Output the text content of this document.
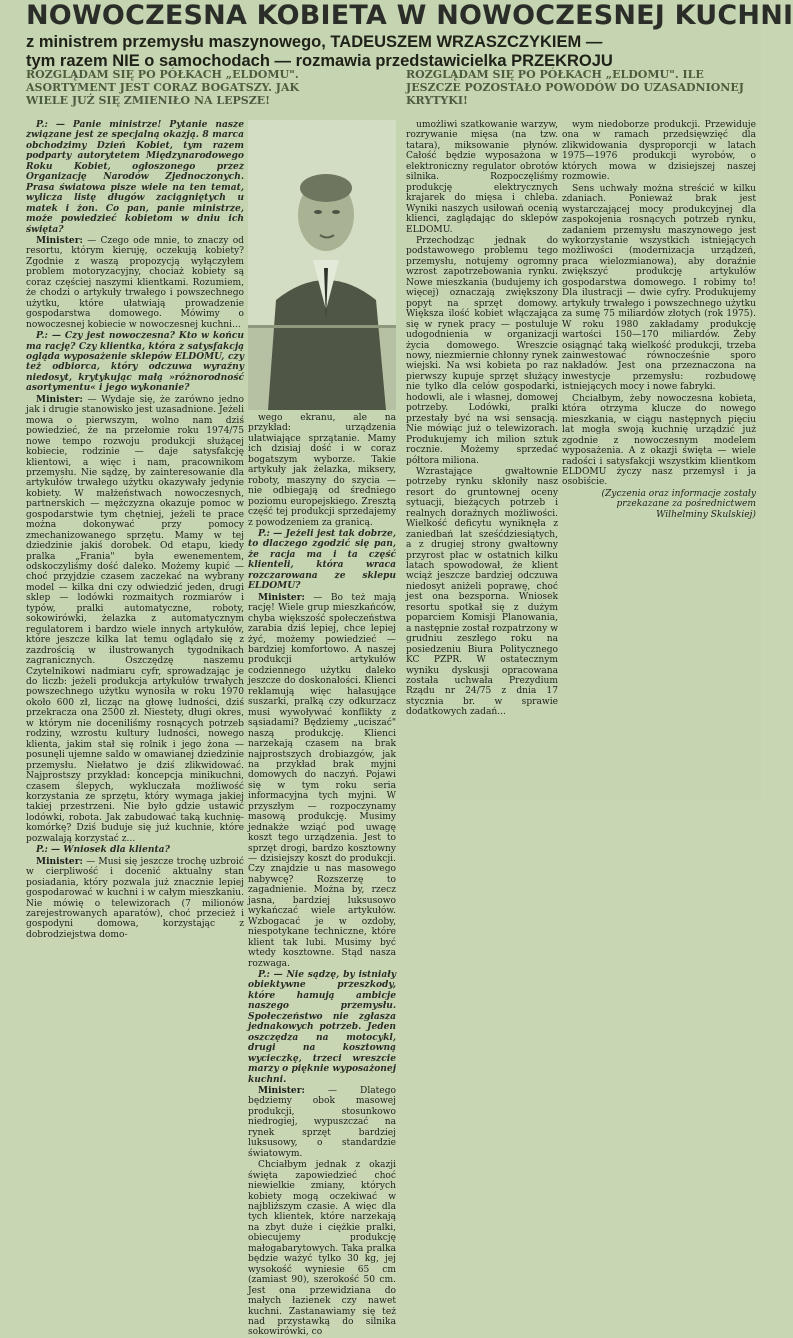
NOWOCZESNA KOBIETA W NOWOCZESNEJ KUCHNI
z ministrem przemysłu maszynowego, TADEUSZEM WRZASZCZYKIEM —
tym razem NIE o samochodach — rozmawia przedstawicielka PRZEKROJU
ROZGLĄDAM SIĘ PO PÓŁKACH „ELDOMU". ASORTYMENT JEST CORAZ BOGATSZY. JAK WIELE JUŻ SIĘ ZMIENIŁO NA LEPSZE!
ROZGLĄDAM SIĘ PO PÓŁKACH „ELDOMU". ILE JESZCZE POZOSTAŁO POWODÓW DO UZASADNIONEJ KRYTYKI!

P.: — Panie ministrze! Pytanie nasze związane jest ze specjalną okazją. 8 marca obchodzimy Dzień Kobiet, tym razem podparty autorytetem Międzynarodowego Roku Kobiet, ogłoszonego przez Organizację Narodów Zjednoczonych. Prasa światowa pisze wiele na ten temat, wylicza listę długów zaciągniętych u matek i żon. Co pan, panie ministrze, może powiedzieć kobietom w dniu ich święta?

Minister: — Czego ode mnie, to znaczy od resortu, którym kieruję, oczekują kobiety? Zgodnie z waszą propozycją wyłączyłem problem motoryzacyjny, chociaż kobiety są coraz częściej naszymi klientkami. Rozumiem, że chodzi o artykuły trwałego i powszechnego użytku, które ułatwiają prowadzenie gospodarstwa domowego. Mówimy o nowoczesnej kobiecie w nowoczesnej kuchni...

P.: — Czy jest nowoczesna? Kto w końcu ma rację? Czy klientka, która z satysfakcją ogląda wyposażenie sklepów ELDOMU, czy też odbiorca, który odczuwa wyraźny niedosyt, krytykując małą »różnorodność asortymentu« i jego wykonanie?

Minister: — Wydaje się, że zarówno jedno jak i drugie stanowisko jest uzasadnione. Jeżeli mowa o pierwszym, wolno nam dziś powiedzieć, że na przełomie roku 1974/75 nowe tempo rozwoju produkcji służącej kobiecie, rodzinie — daje satysfakcję klientowi, a więc i nam, pracownikom przemysłu. Nie sądzę, by zainteresowanie dla artykułów trwałego użytku okazywały jedynie kobiety. W małżeństwach nowoczesnych, partnerskich — mężczyzna okazuje pomoc w gospodarstwie tym chętniej, jeżeli te prace można dokonywać przy pomocy zmechanizowanego sprzętu. Mamy w tej dziedzinie jakiś dorobek. Od etapu, kiedy pralka „Frania" była ewenementem, odskoczyliśmy dość daleko. Możemy kupić — choć przyjdzie czasem zaczekać na wybrany model — kilka dni czy odwiedzić jeden, drugi sklep — lodówki rozmaitych rozmiarów i typów, pralki automatyczne, roboty, sokowirówki, żelazka z automatycznym regulatorem i bardzo wiele innych artykułów, które jeszcze kilka lat temu oglądało się z zazdrością w ilustrowanych tygodnikach zagranicznych. Oszczędzę naszemu Czytelnikowi nadmiaru cyfr, sprowadzając je do liczb: jeżeli produkcja artykułów trwałych powszechnego użytku wynosiła w roku 1970 około 600 zł, licząc na głowę ludności, dziś przekracza ona 2500 zł. Niestety, długi okres, w którym nie doceniliśmy rosnących potrzeb rodziny, wzrostu kultury ludności, nowego klienta, jakim stał się rolnik i jego żona — posunęli ujemne saldo w omawianej dziedzinie przemysłu. Niełatwo je dziś zlikwidować. Najprostszy przykład: koncepcja minikuchni, czasem ślepych, wykluczała możliwość korzystania ze sprzętu, który wymaga jakiej takiej przestrzeni. Nie było gdzie ustawić lodówki, robota. Jak zabudować taką kuchnię-komórkę? Dziś buduje się już kuchnie, które pozwalają korzystać z...

P.: — Wniosek dla klienta?

Minister: — Musi się jeszcze trochę uzbroić w cierpliwość i docenić aktualny stan posiadania, który pozwala już znacznie lepiej gospodarować w kuchni i w całym mieszkaniu. Nie mówię o telewizorach (7 milionów zarejestrowanych aparatów), choć przecież i gospodyni domowa, korzystając z dobrodziejstwa domo-

wego ekranu, ale na przykład: urządzenia ułatwiające sprzątanie. Mamy ich dzisiaj dość i w coraz bogatszym wyborze. Takie artykuły jak żelazka, miksery, roboty, maszyny do szycia — nie odbiegają od średniego poziomu europejskiego. Zresztą część tej produkcji sprzedajemy z powodzeniem za granicą.

P.: — Jeżeli jest tak dobrze, to dlaczego zgodzić się pan, że racja ma i ta część klienteli, która wraca rozczarowana ze sklepu ELDOMU?

Minister: — Bo też mają rację! Wiele grup mieszkańców, chyba większość społeczeństwa zarabia dziś lepiej, chce lepiej żyć, możemy powiedzieć — bardziej komfortowo. A naszej produkcji artykułów codziennego użytku daleko jeszcze do doskonałości. Klienci reklamują więc hałasujące suszarki, pralką czy odkurzacz musi wywoływać konflikty z sąsiadami? Będziemy „uciszać" naszą produkcję. Klienci narzekają czasem na brak najprostszych drobiazgów, jak na przykład brak myjni domowych do naczyń. Pojawi się w tym roku seria informacyjna tych myjni. W przyszłym — rozpoczynamy masową produkcję. Musimy jednakże wziąć pod uwagę koszt tego urządzenia. Jest to sprzęt drogi, bardzo kosztowny — dzisiejszy koszt do produkcji. Czy znajdzie u nas masowego nabywcę? Rozszerzę to zagadnienie. Można by, rzecz jasna, bardziej luksusowo wykańczać wiele artykułów. Wzbogacać je w ozdoby, niespotykane techniczne, które klient tak lubi. Musimy być wtedy kosztowne. Stąd nasza rozwaga.

P.: — Nie sądzę, by istniały obiektywne przeszkody, które hamują ambicje naszego przemysłu. Społeczeństwo nie zgłasza jednakowych potrzeb. Jeden oszczędza na motocykl, drugi na kosztowną wycieczkę, trzeci wreszcie marzy o pięknie wyposażonej kuchni.

Minister: — Dlatego będziemy obok masowej produkcji, stosunkowo niedrogiej, wypuszczać na rynek sprzęt bardziej luksusowy, o standardzie światowym.

Chciałbym jednak z okazji święta zapowiedzieć choć niewielkie zmiany, których kobiety mogą oczekiwać w najbliższym czasie. A więc dla tych klientek, które narzekają na zbyt duże i ciężkie pralki, obiecujemy produkcję małogabarytowych. Taka pralka będzie ważyć tylko 30 kg, jej wysokość wyniesie 65 cm (zamiast 90), szerokość 50 cm. Jest ona przewidziana do małych łazienek czy nawet kuchni. Zastanawiamy się też nad przystawką do silnika sokowirówki, co

umożliwi szatkowanie warzyw, rozrywanie mięsa (na tzw. tatara), miksowanie płynów. Całość będzie wyposażona w elektroniczny regulator obrotów silnika. Rozpoczęliśmy produkcję elektrycznych krajarek do mięsa i chleba. Wyniki naszych usiłowań ocenią klienci, zaglądając do sklepów ELDOMU.

Przechodząc jednak do podstawowego problemu tego przemysłu, notujemy ogromny wzrost zapotrzebowania rynku. Nowe mieszkania (budujemy ich więcej) oznaczają zwiększony popyt na sprzęt domowy. Większa ilość kobiet włączająca się w rynek pracy — postuluje udogodnienia w organizacji życia domowego. Wreszcie nowy, niezmiernie chłonny rynek wiejski. Na wsi kobieta po raz pierwszy kupuje sprzęt służący nie tylko dla celów gospodarki, hodowli, ale i własnej, domowej potrzeby. Lodówki, pralki przestały być na wsi sensacją. Nie mówiąc już o telewizorach. Produkujemy ich milion sztuk rocznie. Możemy sprzedać półtora miliona.

Wzrastające gwałtownie potrzeby rynku skłoniły nasz resort do gruntownej oceny sytuacji, bieżących potrzeb i realnych doraźnych możliwości. Wielkość deficytu wyniknęła z zaniedbań lat sześćdziesiątych, a z drugiej strony gwałtowny przyrost płac w ostatnich kilku latach spowodował, że klient wciąż jeszcze bardziej odczuwa niedosyt aniżeli poprawę, choć jest ona bezsporna. Wniosek resortu spotkał się z dużym poparciem Komisji Planowania, a następnie został rozpatrzony w grudniu zeszłego roku na posiedzeniu Biura Politycznego KC PZPR. W ostatecznym wyniku dyskusji opracowana została uchwała Prezydium Rządu nr 24/75 z dnia 17 stycznia br. w sprawie dodatkowych zadań...

wym niedoborze produkcji. Przewiduje ona w ramach przedsięwzięć dla zlikwidowania dysproporcji w latach 1975—1976 produkcji wyrobów, o których mowa w dzisiejszej naszej rozmowie.

Sens uchwały można streścić w kilku zdaniach. Ponieważ brak jest wystarczającej mocy produkcyjnej dla zaspokojenia rosnących potrzeb rynku, zadaniem przemysłu maszynowego jest wykorzystanie wszystkich istniejących możliwości (modernizacja urządzeń, praca wielozmianowa), aby doraźnie zwiększyć produkcję artykułów gospodarstwa domowego. I robimy to! Dla ilustracji — dwie cyfry. Produkujemy artykuły trwałego i powszechnego użytku za sumę 75 miliardów złotych (rok 1975). W roku 1980 zakładamy produkcję wartości 150—170 miliardów. Żeby osiągnąć taką wielkość produkcji, trzeba zainwestować równocześnie sporo nakładów. Jest ona przeznaczona na inwestycje przemysłu: rozbudowę istniejących mocy i nowe fabryki.

Chciałbym, żeby nowoczesna kobieta, która otrzyma klucze do nowego mieszkania, w ciągu następnych pięciu lat mogła swoją kuchnię urządzić już zgodnie z nowoczesnym modelem wyposażenia. A z okazji święta — wiele radości i satysfakcji wszystkim klientkom ELDOMU życzy nasz przemysł i ja osobiście.

(Zyczenia oraz informacje zostały przekazane za pośrednictwem Wilhelminy Skulskiej)
